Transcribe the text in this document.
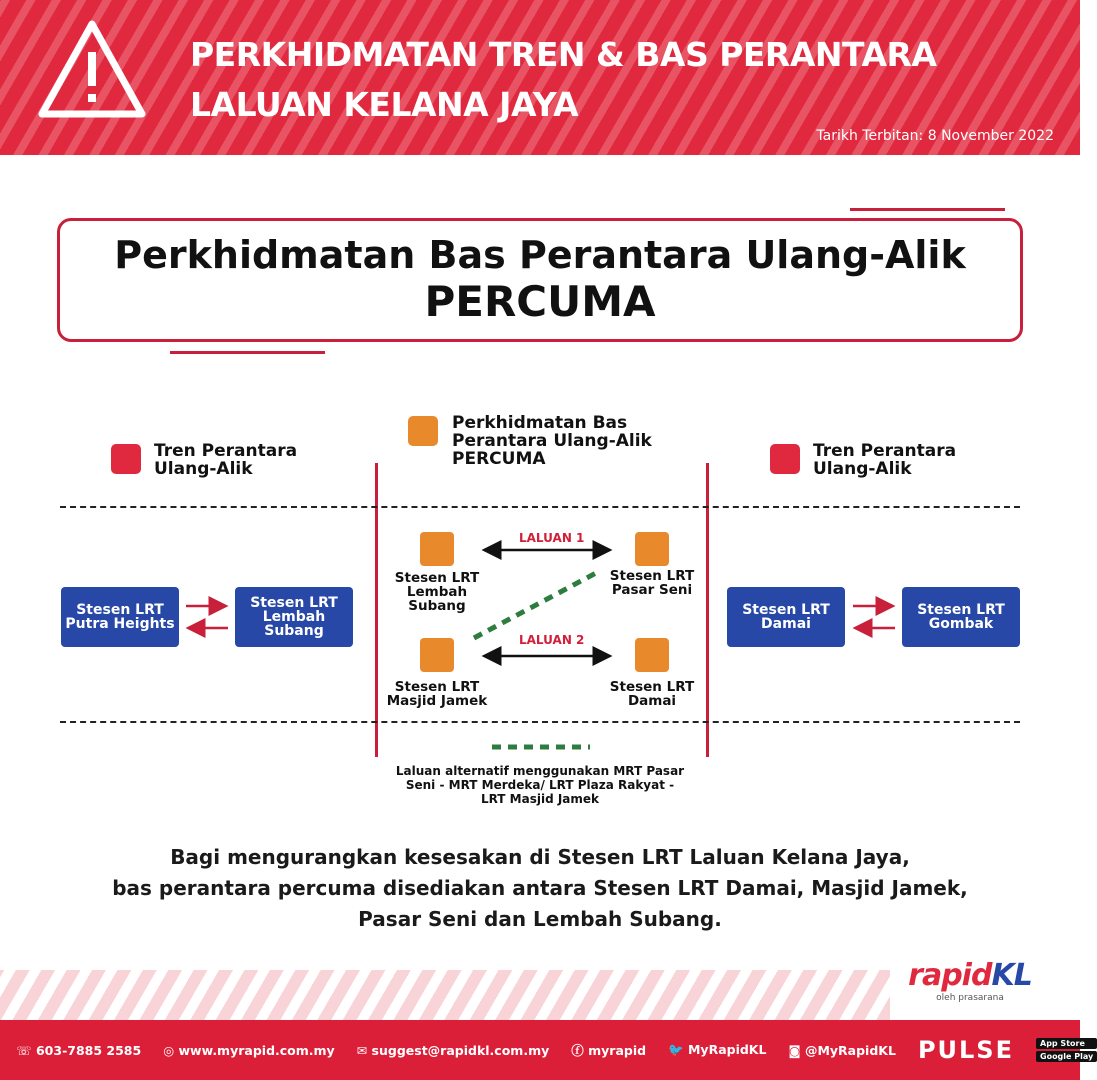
PERKHIDMATAN TREN & BAS PERANTARA
LALUAN KELANA JAYA
Tarikh Terbitan: 8 November 2022
Perkhidmatan Bas Perantara Ulang-Alik
PERCUMA
Tren Perantara Ulang-Alik
Perkhidmatan Bas Perantara Ulang-Alik PERCUMA	Tren Perantara Ulang-Alik
Stesen LRT Putra Heights
Stesen LRT Lembah Subang
Stesen LRT Damai
Stesen LRT Gombak
LALUAN 1
LALUAN 2
Stesen LRT Lembah Subang
Stesen LRT Pasar Seni
Stesen LRT Masjid Jamek
Stesen LRT Damai
Laluan alternatif menggunakan MRT Pasar Seni - MRT Merdeka/ LRT Plaza Rakyat - LRT Masjid Jamek
Bagi mengurangkan kesesakan di Stesen LRT Laluan Kelana Jaya,
bas perantara percuma disediakan antara Stesen LRT Damai, Masjid Jamek,
Pasar Seni dan Lembah Subang.
rapidKL
oleh prasarana
☏ 603-7885 2585 ◎ www.myrapid.com.my ✉ suggest@rapidkl.com.my ⓕ myrapid 🐦 MyRapidKL ◙ @MyRapidKL PULSE	App Store
Google Play
